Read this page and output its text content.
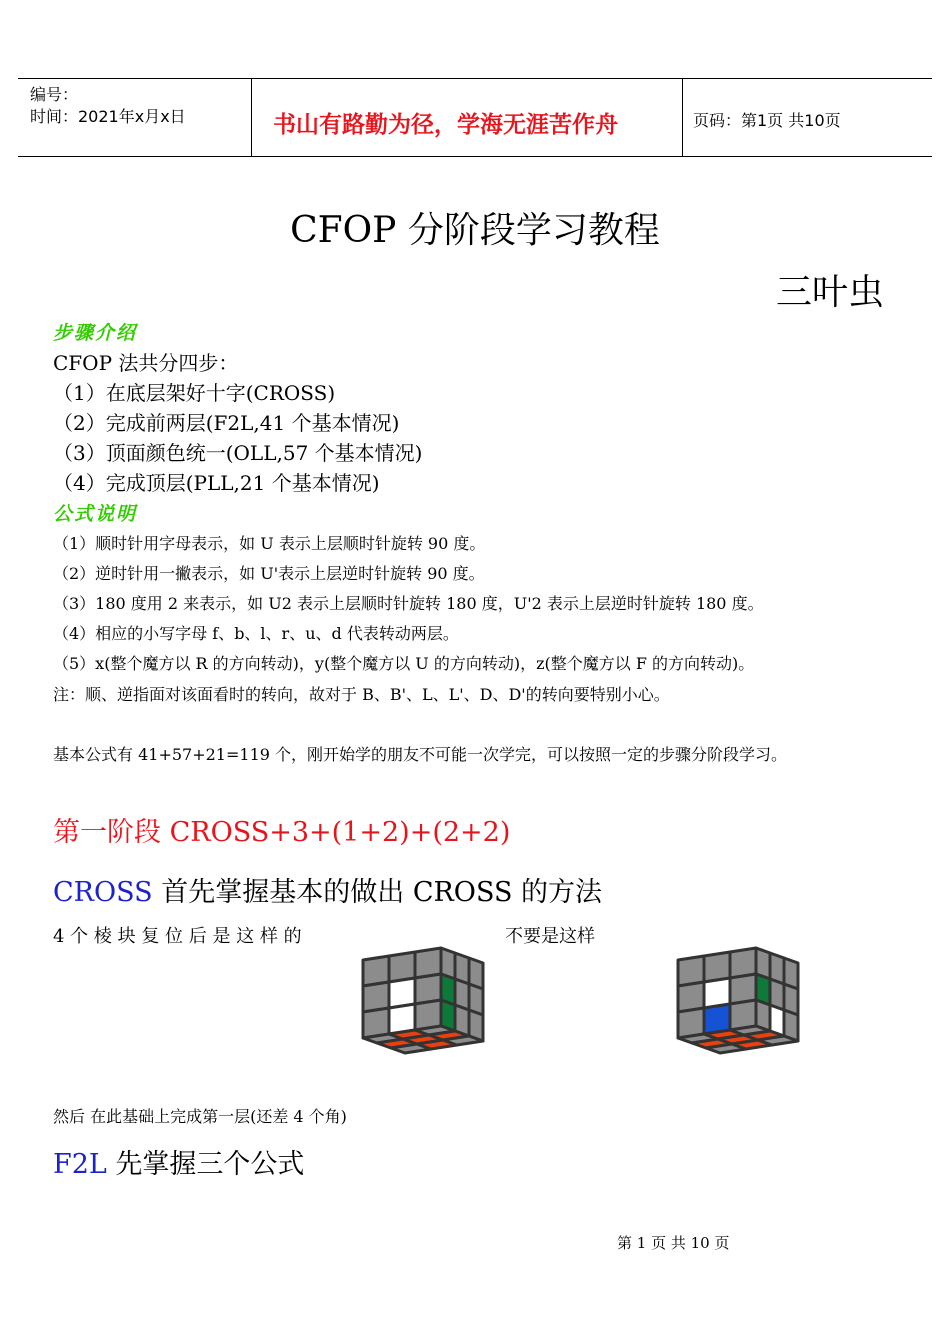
编号：
时间：2021年x月x日	书山有路勤为径，学海无涯苦作舟	页码：第1页 共10页
CFOP 分阶段学习教程
三叶虫
步骤介绍
CFOP 法共分四步：
（1）在底层架好十字(CROSS)
（2）完成前两层(F2L,41 个基本情况)
（3）顶面颜色统一(OLL,57 个基本情况)
（4）完成顶层(PLL,21 个基本情况)
公式说明
（1）顺时针用字母表示，如 U 表示上层顺时针旋转 90 度。
（2）逆时针用一撇表示，如 U'表示上层逆时针旋转 90 度。
（3）180 度用 2 来表示，如 U2 表示上层顺时针旋转 180 度，U'2 表示上层逆时针旋转 180 度。
（4）相应的小写字母 f、b、l、r、u、d 代表转动两层。
（5）x(整个魔方以 R 的方向转动)，y(整个魔方以 U 的方向转动)，z(整个魔方以 F 的方向转动)。
注：顺、逆指面对该面看时的转向，故对于 B、B'、L、L'、D、D'的转向要特别小心。
基本公式有 41+57+21=119 个，刚开始学的朋友不可能一次学完，可以按照一定的步骤分阶段学习。
第一阶段 CROSS+3+(1+2)+(2+2)
CROSS 首先掌握基本的做出 CROSS 的方法
4 个 棱 块 复 位 后 是 这 样 的	不要是这样
然后 在此基础上完成第一层(还差 4 个角)
F2L 先掌握三个公式
第 1 页 共 10 页
